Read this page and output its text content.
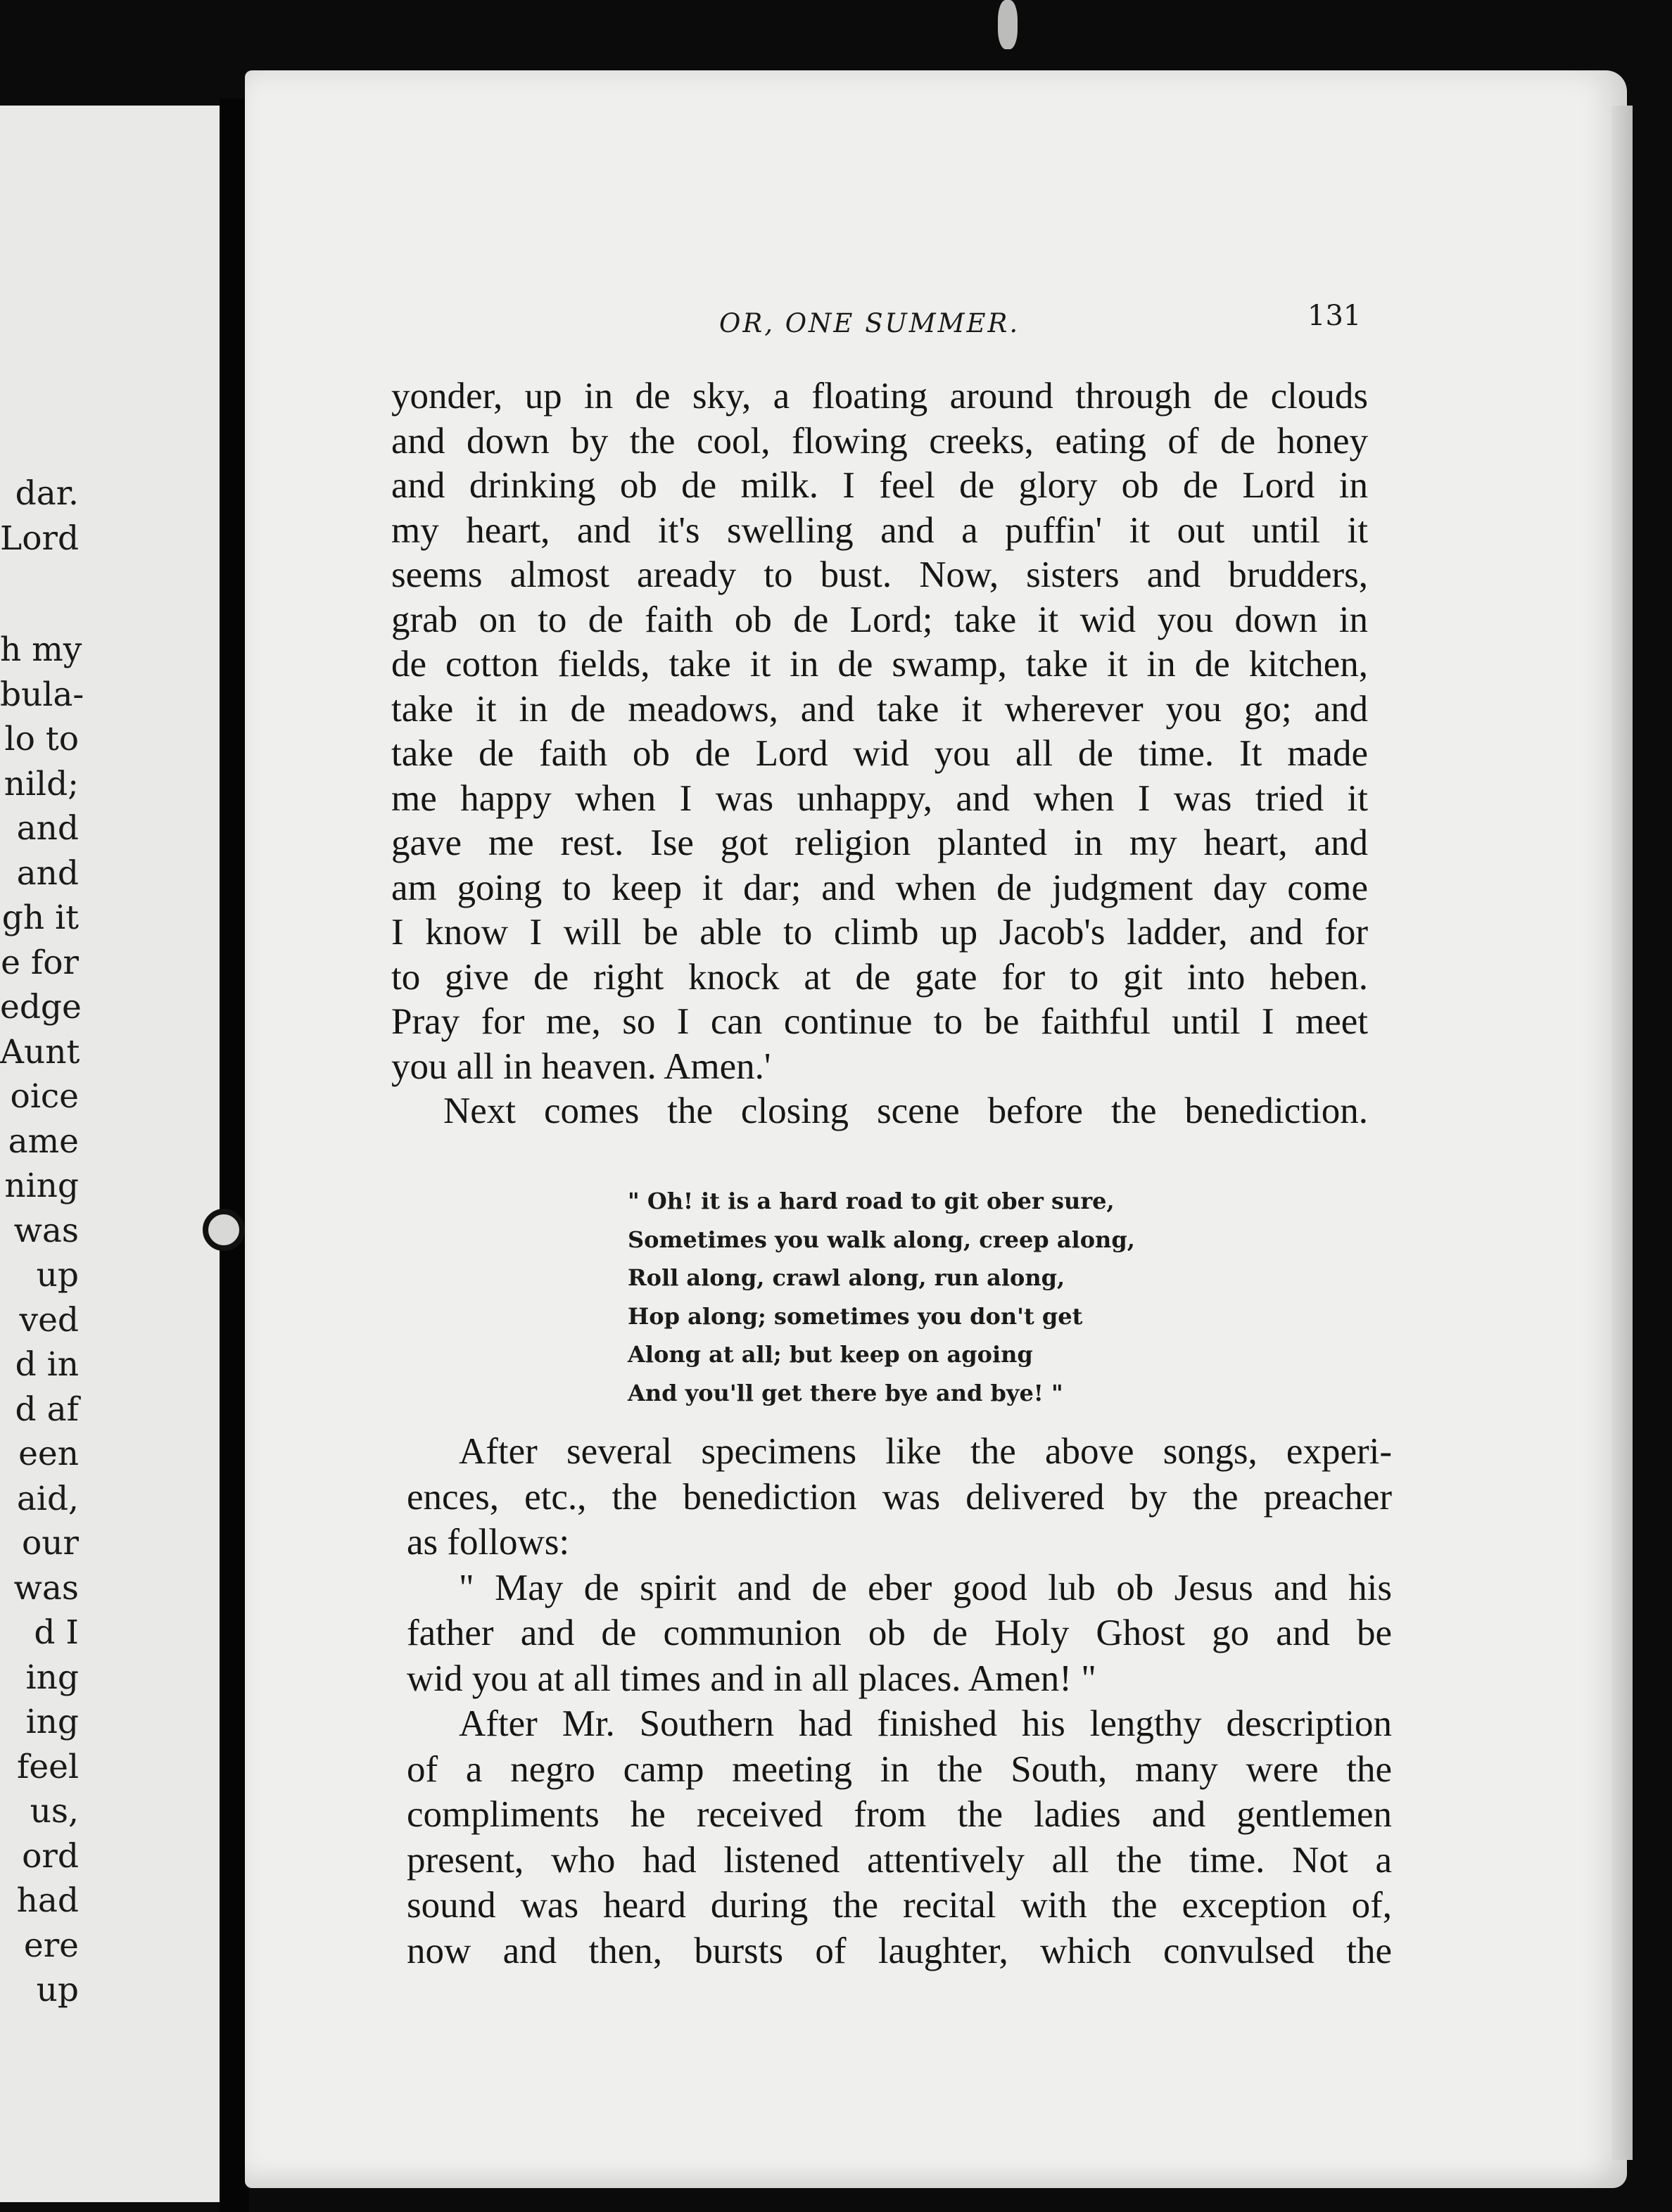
dar.
Lord
h my
bula-
lo to
nild;
and
and
gh it
e for
edge
Aunt
oice
ame
ning
was
up
ved
d in
d af
een
aid,
our
was
d I
ing
ing
feel
us,
ord
had
ere
up
OR, ONE SUMMER.	131
yonder, up in de sky, a floating around through de clouds
and down by the cool, flowing creeks, eating of de honey
and drinking ob de milk. I feel de glory ob de Lord in
my heart, and it's swelling and a puffin' it out until it
seems almost aready to bust. Now, sisters and brudders,
grab on to de faith ob de Lord; take it wid you down in
de cotton fields, take it in de swamp, take it in de kitchen,
take it in de meadows, and take it wherever you go; and
take de faith ob de Lord wid you all de time. It made
me happy when I was unhappy, and when I was tried it
gave me rest. Ise got religion planted in my heart, and
am going to keep it dar; and when de judgment day come
I know I will be able to climb up Jacob's ladder, and for
to give de right knock at de gate for to git into heben.
Pray for me, so I can continue to be faithful until I meet
you all in heaven. Amen.'
Next comes the closing scene before the benediction.
" Oh! it is a hard road to git ober sure,
Sometimes you walk along, creep along,
Roll along, crawl along, run along,
Hop along; sometimes you don't get
Along at all; but keep on agoing
And you'll get there bye and bye! "
After several specimens like the above songs, experi-
ences, etc., the benediction was delivered by the preacher
as follows:
" May de spirit and de eber good lub ob Jesus and his
father and de communion ob de Holy Ghost go and be
wid you at all times and in all places. Amen! "
After Mr. Southern had finished his lengthy description
of a negro camp meeting in the South, many were the
compliments he received from the ladies and gentlemen
present, who had listened attentively all the time. Not a
sound was heard during the recital with the exception of,
now and then, bursts of laughter, which convulsed the
